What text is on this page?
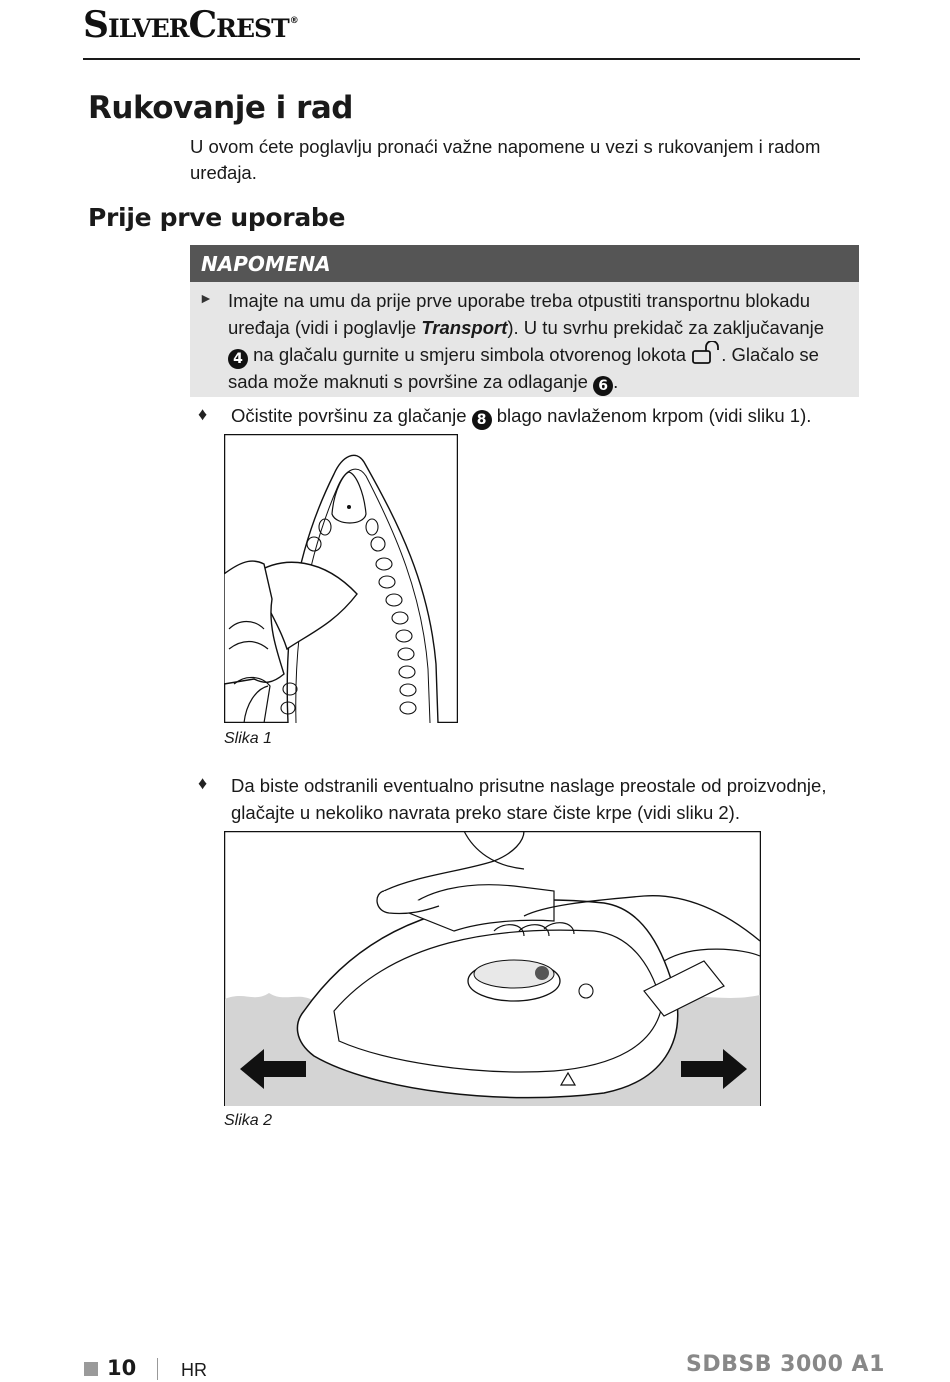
SilverCrest®
Rukovanje i rad
U ovom ćete poglavlju pronaći važne napomene u vezi s rukovanjem i radom uređaja.
Prije prve uporabe
NAPOMENA
► Imajte na umu da prije prve uporabe treba otpustiti transportnu blokadu uređaja (vidi i poglavlje Transport). U tu svrhu prekidač za zaključavanje 4 na glačalu gurnite u smjeru simbola otvorenog lokota . Glačalo se sada može maknuti s površine za odlaganje 6 .
♦ Očistite površinu za glačanje 8 blago navlaženom krpom (vidi sliku 1).
Slika 1
♦ Da biste odstranili eventualno prisutne naslage preostale od proizvodnje, glačajte u nekoliko navrata preko stare čiste krpe (vidi sliku 2).
Slika 2
10 HR	SDBSB 3000 A1
